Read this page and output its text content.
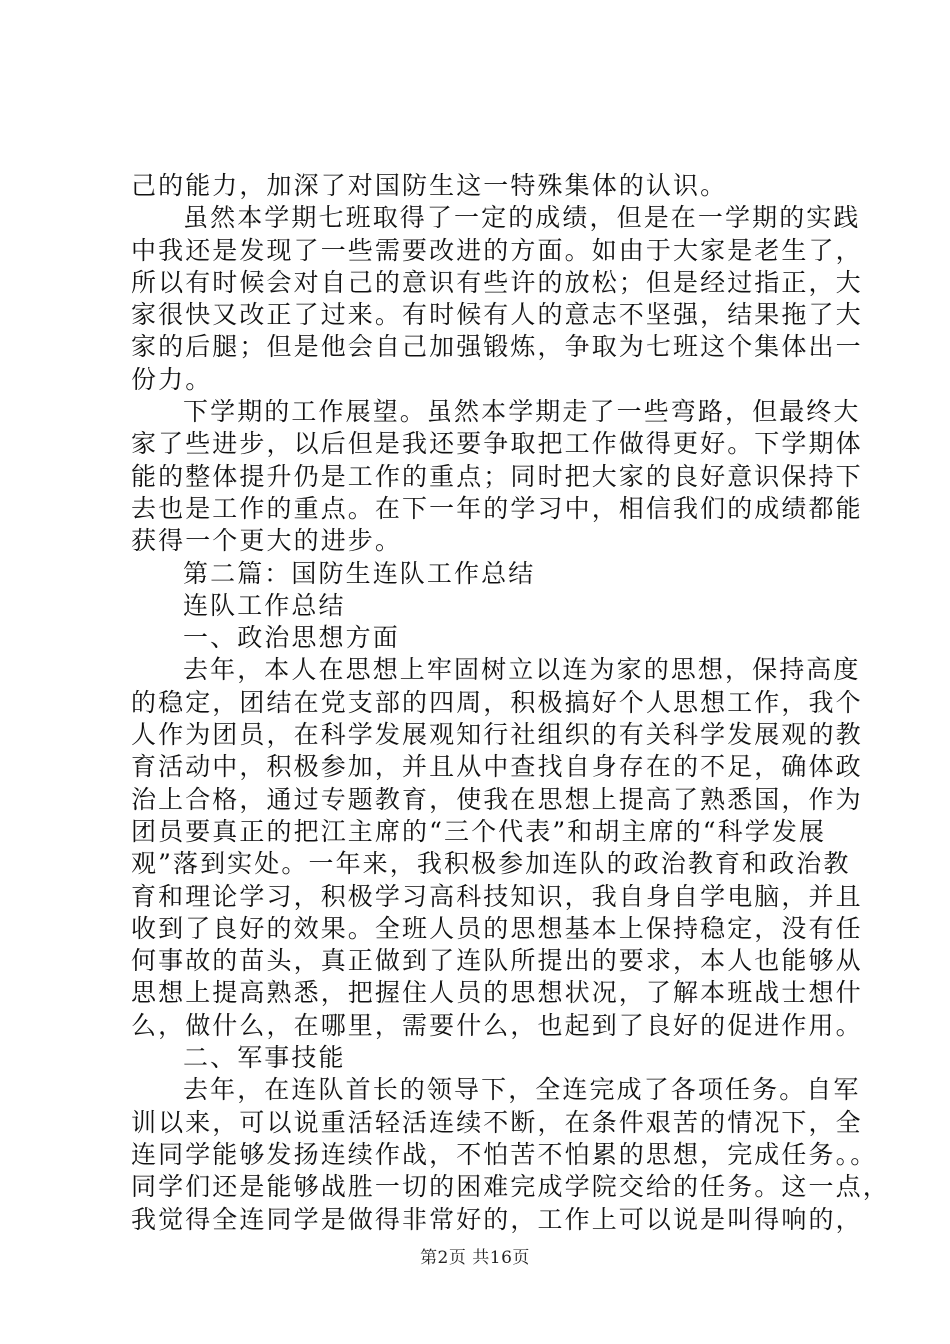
己的能力，加深了对国防生这一特殊集体的认识。
虽然本学期七班取得了一定的成绩，但是在一学期的实践
中我还是发现了一些需要改进的方面。如由于大家是老生了，
所以有时候会对自己的意识有些许的放松；但是经过指正，大
家很快又改正了过来。有时候有人的意志不坚强，结果拖了大
家的后腿；但是他会自己加强锻炼，争取为七班这个集体出一
份力。
下学期的工作展望。虽然本学期走了一些弯路，但最终大
家了些进步，以后但是我还要争取把工作做得更好。下学期体
能的整体提升仍是工作的重点；同时把大家的良好意识保持下
去也是工作的重点。在下一年的学习中，相信我们的成绩都能
获得一个更大的进步。
第二篇：国防生连队工作总结
连队工作总结
一、政治思想方面
去年，本人在思想上牢固树立以连为家的思想，保持高度
的稳定，团结在党支部的四周，积极搞好个人思想工作，我个
人作为团员，在科学发展观知行社组织的有关科学发展观的教
育活动中，积极参加，并且从中查找自身存在的不足，确体政
治上合格，通过专题教育，使我在思想上提高了熟悉国，作为
团员要真正的把江主席的“三个代表”和胡主席的“科学发展
观”落到实处。一年来，我积极参加连队的政治教育和政治教
育和理论学习，积极学习高科技知识，我自身自学电脑，并且
收到了良好的效果。全班人员的思想基本上保持稳定，没有任
何事故的苗头，真正做到了连队所提出的要求，本人也能够从
思想上提高熟悉，把握住人员的思想状况，了解本班战士想什
么，做什么，在哪里，需要什么，也起到了良好的促进作用。
二、军事技能
去年，在连队首长的领导下，全连完成了各项任务。自军
训以来，可以说重活轻活连续不断，在条件艰苦的情况下，全
连同学能够发扬连续作战，不怕苦不怕累的思想，完成任务。。
同学们还是能够战胜一切的困难完成学院交给的任务。这一点，
我觉得全连同学是做得非常好的，工作上可以说是叫得响的，
第2页 共16页
